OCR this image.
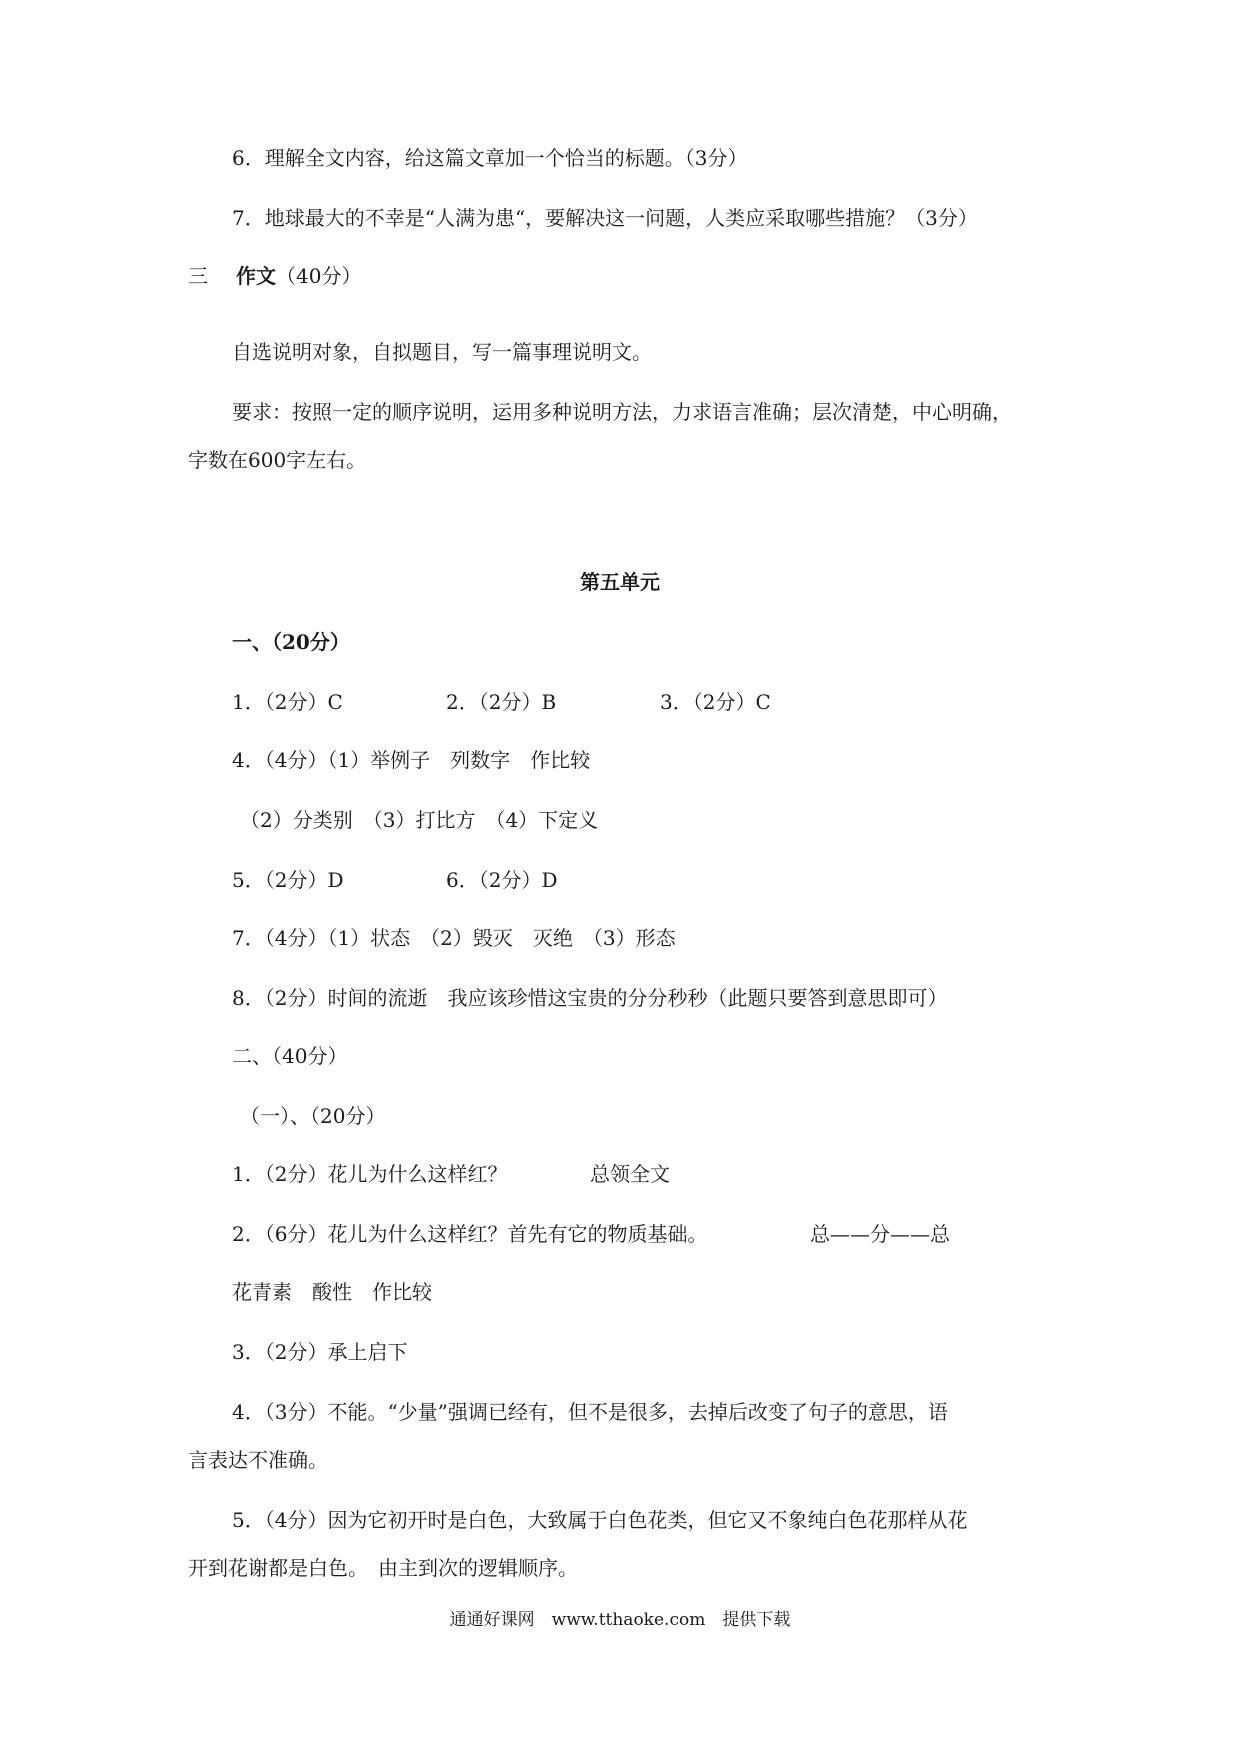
6．理解全文内容，给这篇文章加一个恰当的标题。（3分）
7．地球最大的不幸是“人满为患“，要解决这一问题，人类应采取哪些措施？（3分）
三 作文（40分）
自选说明对象，自拟题目，写一篇事理说明文。
要求：按照一定的顺序说明，运用多种说明方法，力求语言准确；层次清楚，中心明确，
字数在600字左右。
第五单元
一、（20分）
1．（2分）C	2．（2分）B	3．（2分）C
4．（4分）（1）举例子　列数字　作比较
（2）分类别　（3）打比方　（4）下定义
5．（2分）D	6．（2分）D
7．（4分）（1）状态　（2）毁灭　灭绝　（3）形态
8．（2分）时间的流逝　我应该珍惜这宝贵的分分秒秒（此题只要答到意思即可）
二、（40分）
（一）、（20分）
1．（2分）花儿为什么这样红？	总领全文
2．（6分）花儿为什么这样红？首先有它的物质基础。	总——分——总
花青素　酸性　作比较
3．（2分）承上启下
4．（3分）不能。“少量”强调已经有，但不是很多，去掉后改变了句子的意思，语
言表达不准确。
5．（4分）因为它初开时是白色，大致属于白色花类，但它又不象纯白色花那样从花
开到花谢都是白色。　由主到次的逻辑顺序。
通通好课网　www.tthaoke.com　提供下载
